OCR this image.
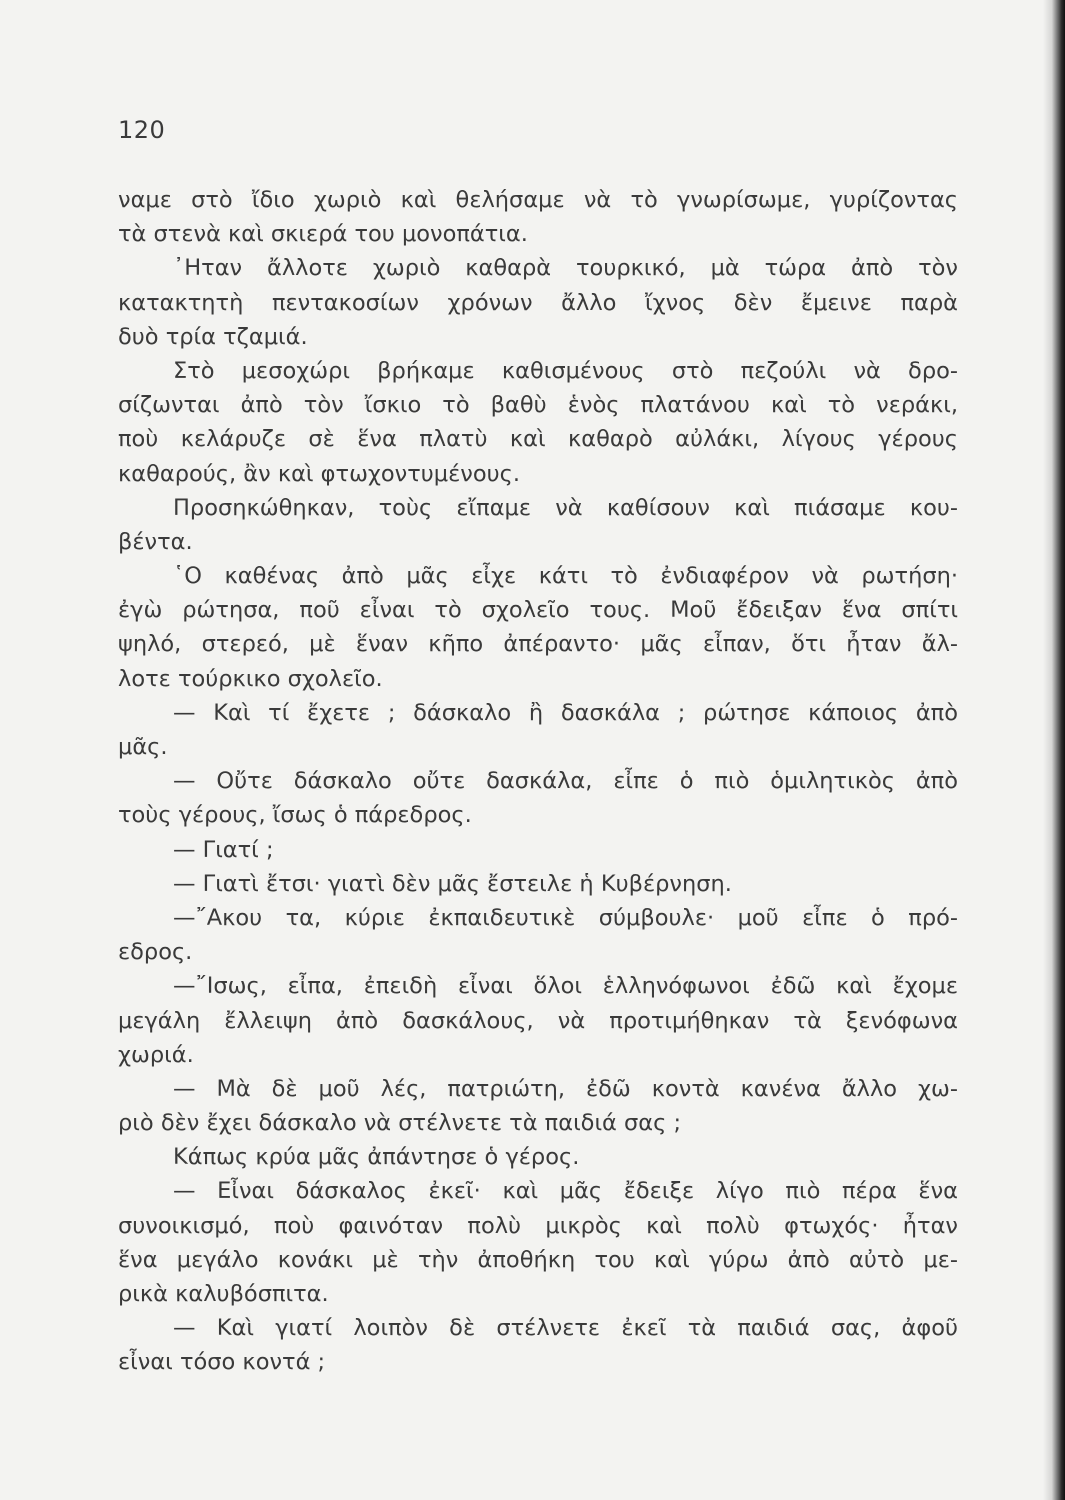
120
ναμε στὸ ἴδιο χωριὸ καὶ θελήσαμε νὰ τὸ γνωρίσωμε, γυρίζοντας
τὰ στενὰ καὶ σκιερά του μονοπάτια.
᾿Ηταν ἄλλοτε χωριὸ καθαρὰ τουρκικό, μὰ τώρα ἀπὸ τὸν
κατακτητὴ πεντακοσίων χρόνων ἄλλο ἴχνος δὲν ἔμεινε παρὰ
δυὸ τρία τζαμιά.
Στὸ μεσοχώρι βρήκαμε καθισμένους στὸ πεζούλι νὰ δρο-
σίζωνται ἀπὸ τὸν ἴσκιο τὸ βαθὺ ἑνὸς πλατάνου καὶ τὸ νεράκι,
ποὺ κελάρυζε σὲ ἕνα πλατὺ καὶ καθαρὸ αὐλάκι, λίγους γέρους
καθαρούς, ἂν καὶ φτωχοντυμένους.
Προσηκώθηκαν, τοὺς εἴπαμε νὰ καθίσουν καὶ πιάσαμε κου-
βέντα.
῾Ο καθένας ἀπὸ μᾶς εἶχε κάτι τὸ ἐνδιαφέρον νὰ ρωτήση·
ἐγὼ ρώτησα, ποῦ εἶναι τὸ σχολεῖο τους. Μοῦ ἔδειξαν ἕνα σπίτι
ψηλό, στερεό, μὲ ἕναν κῆπο ἀπέραντο· μᾶς εἶπαν, ὅτι ἦταν ἄλ-
λοτε τούρκικο σχολεῖο.
— Καὶ τί ἔχετε ; δάσκαλο ἢ δασκάλα ; ρώτησε κάποιος ἀπὸ
μᾶς.
— Οὔτε δάσκαλο οὔτε δασκάλα, εἶπε ὁ πιὸ ὁμιλητικὸς ἀπὸ
τοὺς γέρους, ἴσως ὁ πάρεδρος.
— Γιατί ;
— Γιατὶ ἔτσι· γιατὶ δὲν μᾶς ἔστειλε ἡ Κυβέρνηση.
—῎Ακου τα, κύριε ἐκπαιδευτικὲ σύμβουλε· μοῦ εἶπε ὁ πρό-
εδρος.
—῎Ισως, εἶπα, ἐπειδὴ εἶναι ὅλοι ἑλληνόφωνοι ἐδῶ καὶ ἔχομε
μεγάλη ἔλλειψη ἀπὸ δασκάλους, νὰ προτιμήθηκαν τὰ ξενόφωνα
χωριά.
— Μὰ δὲ μοῦ λές, πατριώτη, ἐδῶ κοντὰ κανένα ἄλλο χω-
ριὸ δὲν ἔχει δάσκαλο νὰ στέλνετε τὰ παιδιά σας ;
Κάπως κρύα μᾶς ἀπάντησε ὁ γέρος.
— Εἶναι δάσκαλος ἐκεῖ· καὶ μᾶς ἔδειξε λίγο πιὸ πέρα ἕνα
συνοικισμό, ποὺ φαινόταν πολὺ μικρὸς καὶ πολὺ φτωχός· ἦταν
ἕνα μεγάλο κονάκι μὲ τὴν ἀποθήκη του καὶ γύρω ἀπὸ αὐτὸ με-
ρικὰ καλυβόσπιτα.
— Καὶ γιατί λοιπὸν δὲ στέλνετε ἐκεῖ τὰ παιδιά σας, ἀφοῦ
εἶναι τόσο κοντά ;
